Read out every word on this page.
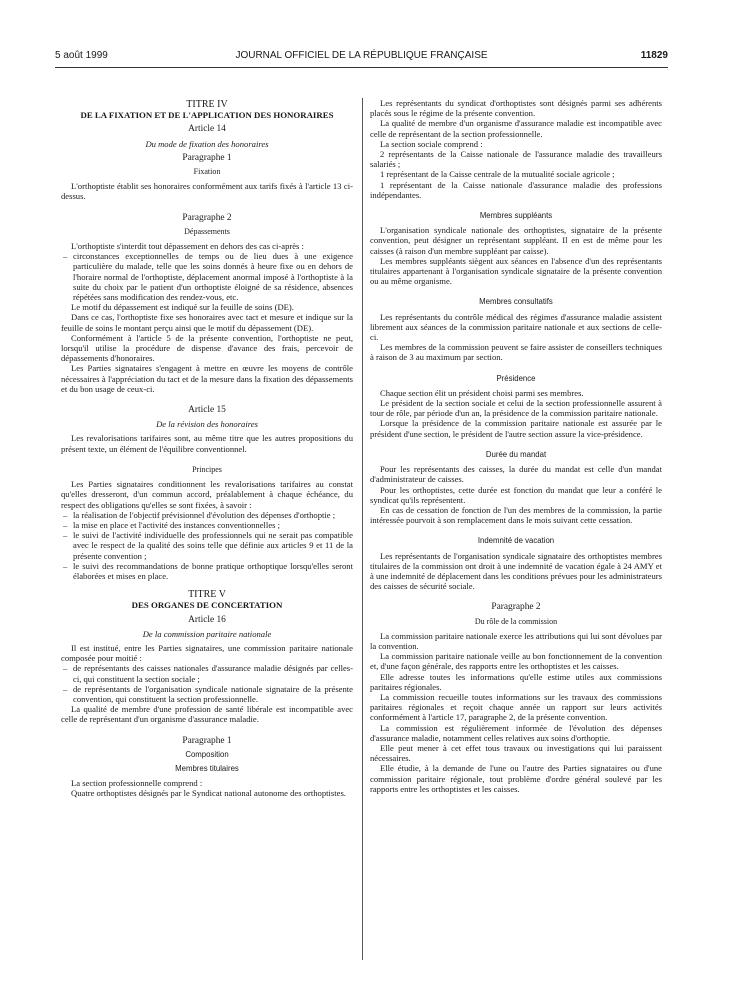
5 août 1999	JOURNAL OFFICIEL DE LA RÉPUBLIQUE FRANÇAISE	11829
TITRE IV
DE LA FIXATION ET DE L'APPLICATION DES HONORAIRES
Article 14
Du mode de fixation des honoraires
Paragraphe 1
Fixation

L'orthoptiste établit ses honoraires conformément aux tarifs fixés à l'article 13 ci-dessus.

Paragraphe 2
Dépassements

L'orthoptiste s'interdit tout dépassement en dehors des cas ci-après :

– circonstances exceptionnelles de temps ou de lieu dues à une exigence particulière du malade, telle que les soins donnés à heure fixe ou en dehors de l'horaire normal de l'orthoptiste, déplacement anormal imposé à l'orthoptiste à la suite du choix par le patient d'un orthoptiste éloigné de sa résidence, absences répétées sans modification des rendez-vous, etc.

Le motif du dépassement est indiqué sur la feuille de soins (DE).

Dans ce cas, l'orthoptiste fixe ses honoraires avec tact et mesure et indique sur la feuille de soins le montant perçu ainsi que le motif du dépassement (DE).

Conformément à l'article 5 de la présente convention, l'orthoptiste ne peut, lorsqu'il utilise la procédure de dispense d'avance des frais, percevoir de dépassements d'honoraires.

Les Parties signataires s'engagent à mettre en œuvre les moyens de contrôle nécessaires à l'appréciation du tact et de la mesure dans la fixation des dépassements et du bon usage de ceux-ci.

Article 15
De la révision des honoraires

Les revalorisations tarifaires sont, au même titre que les autres propositions du présent texte, un élément de l'équilibre conventionnel.

Principes

Les Parties signataires conditionnent les revalorisations tarifaires au constat qu'elles dresseront, d'un commun accord, préalablement à chaque échéance, du respect des obligations qu'elles se sont fixées, à savoir :

– la réalisation de l'objectif prévisionnel d'évolution des dépenses d'orthoptie ;
– la mise en place et l'activité des instances conventionnelles ;
– le suivi de l'activité individuelle des professionnels qui ne serait pas compatible avec le respect de la qualité des soins telle que définie aux articles 9 et 11 de la présente convention ;
– le suivi des recommandations de bonne pratique orthoptique lorsqu'elles seront élaborées et mises en place.
TITRE V
DES ORGANES DE CONCERTATION
Article 16
De la commission paritaire nationale

Il est institué, entre les Parties signataires, une commission paritaire nationale composée pour moitié :

– de représentants des caisses nationales d'assurance maladie désignés par celles-ci, qui constituent la section sociale ;
– de représentants de l'organisation syndicale nationale signataire de la présente convention, qui constituent la section professionnelle.

La qualité de membre d'une profession de santé libérale est incompatible avec celle de représentant d'un organisme d'assurance maladie.

Paragraphe 1
Composition
Membres titulaires

La section professionnelle comprend :

Quatre orthoptistes désignés par le Syndicat national autonome des orthoptistes.

Les représentants du syndicat d'orthoptistes sont désignés parmi ses adhérents placés sous le régime de la présente convention.

La qualité de membre d'un organisme d'assurance maladie est incompatible avec celle de représentant de la section professionnelle.

La section sociale comprend :

2 représentants de la Caisse nationale de l'assurance maladie des travailleurs salariés ;

1 représentant de la Caisse centrale de la mutualité sociale agricole ;

1 représentant de la Caisse nationale d'assurance maladie des professions indépendantes.

Membres suppléants

L'organisation syndicale nationale des orthoptistes, signataire de la présente convention, peut désigner un représentant suppléant. Il en est de même pour les caisses (à raison d'un membre suppléant par caisse).

Les membres suppléants siègent aux séances en l'absence d'un des représentants titulaires appartenant à l'organisation syndicale signataire de la présente convention ou au même organisme.

Membres consultatifs

Les représentants du contrôle médical des régimes d'assurance maladie assistent librement aux séances de la commission paritaire nationale et aux sections de celle-ci.

Les membres de la commission peuvent se faire assister de conseillers techniques à raison de 3 au maximum par section.

Présidence

Chaque section élit un président choisi parmi ses membres.

Le président de la section sociale et celui de la section professionnelle assurent à tour de rôle, par période d'un an, la présidence de la commission paritaire nationale.

Lorsque la présidence de la commission paritaire nationale est assurée par le président d'une section, le président de l'autre section assure la vice-présidence.

Durée du mandat

Pour les représentants des caisses, la durée du mandat est celle d'un mandat d'administrateur de caisses.

Pour les orthoptistes, cette durée est fonction du mandat que leur a conféré le syndicat qu'ils représentent.

En cas de cessation de fonction de l'un des membres de la commission, la partie intéressée pourvoit à son remplacement dans le mois suivant cette cessation.

Indemnité de vacation

Les représentants de l'organisation syndicale signataire des orthoptistes membres titulaires de la commission ont droit à une indemnité de vacation égale à 24 AMY et à une indemnité de déplacement dans les conditions prévues pour les administrateurs des caisses de sécurité sociale.

Paragraphe 2
Du rôle de la commission

La commission paritaire nationale exerce les attributions qui lui sont dévolues par la convention.

La commission paritaire nationale veille au bon fonctionnement de la convention et, d'une façon générale, des rapports entre les orthoptistes et les caisses.

Elle adresse toutes les informations qu'elle estime utiles aux commissions paritaires régionales.

La commission recueille toutes informations sur les travaux des commissions paritaires régionales et reçoit chaque année un rapport sur leurs activités conformément à l'article 17, paragraphe 2, de la présente convention.

La commission est régulièrement informée de l'évolution des dépenses d'assurance maladie, notamment celles relatives aux soins d'orthoptie.

Elle peut mener à cet effet tous travaux ou investigations qui lui paraissent nécessaires.

Elle étudie, à la demande de l'une ou l'autre des Parties signataires ou d'une commission paritaire régionale, tout problème d'ordre général soulevé par les rapports entre les orthoptistes et les caisses.
